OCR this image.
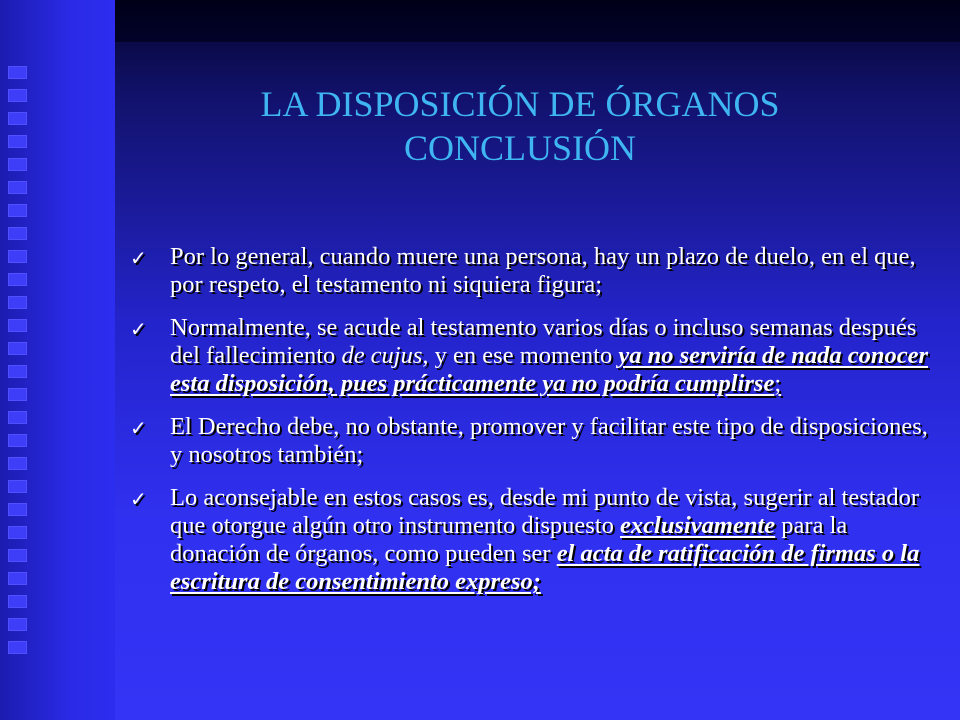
LA DISPOSICIÓN DE ÓRGANOS
CONCLUSIÓN
✓ Por lo general, cuando muere una persona, hay un plazo de duelo, en el que, por respeto, el testamento ni siquiera figura;
✓ Normalmente, se acude al testamento varios días o incluso semanas después del fallecimiento de cujus, y en ese momento ya no serviría de nada conocer esta disposición, pues prácticamente ya no podría cumplirse;
✓ El Derecho debe, no obstante, promover y facilitar este tipo de disposiciones, y nosotros también;
✓ Lo aconsejable en estos casos es, desde mi punto de vista, sugerir al testador que otorgue algún otro instrumento dispuesto exclusivamente para la donación de órganos, como pueden ser el acta de ratificación de firmas o la escritura de consentimiento expreso;
